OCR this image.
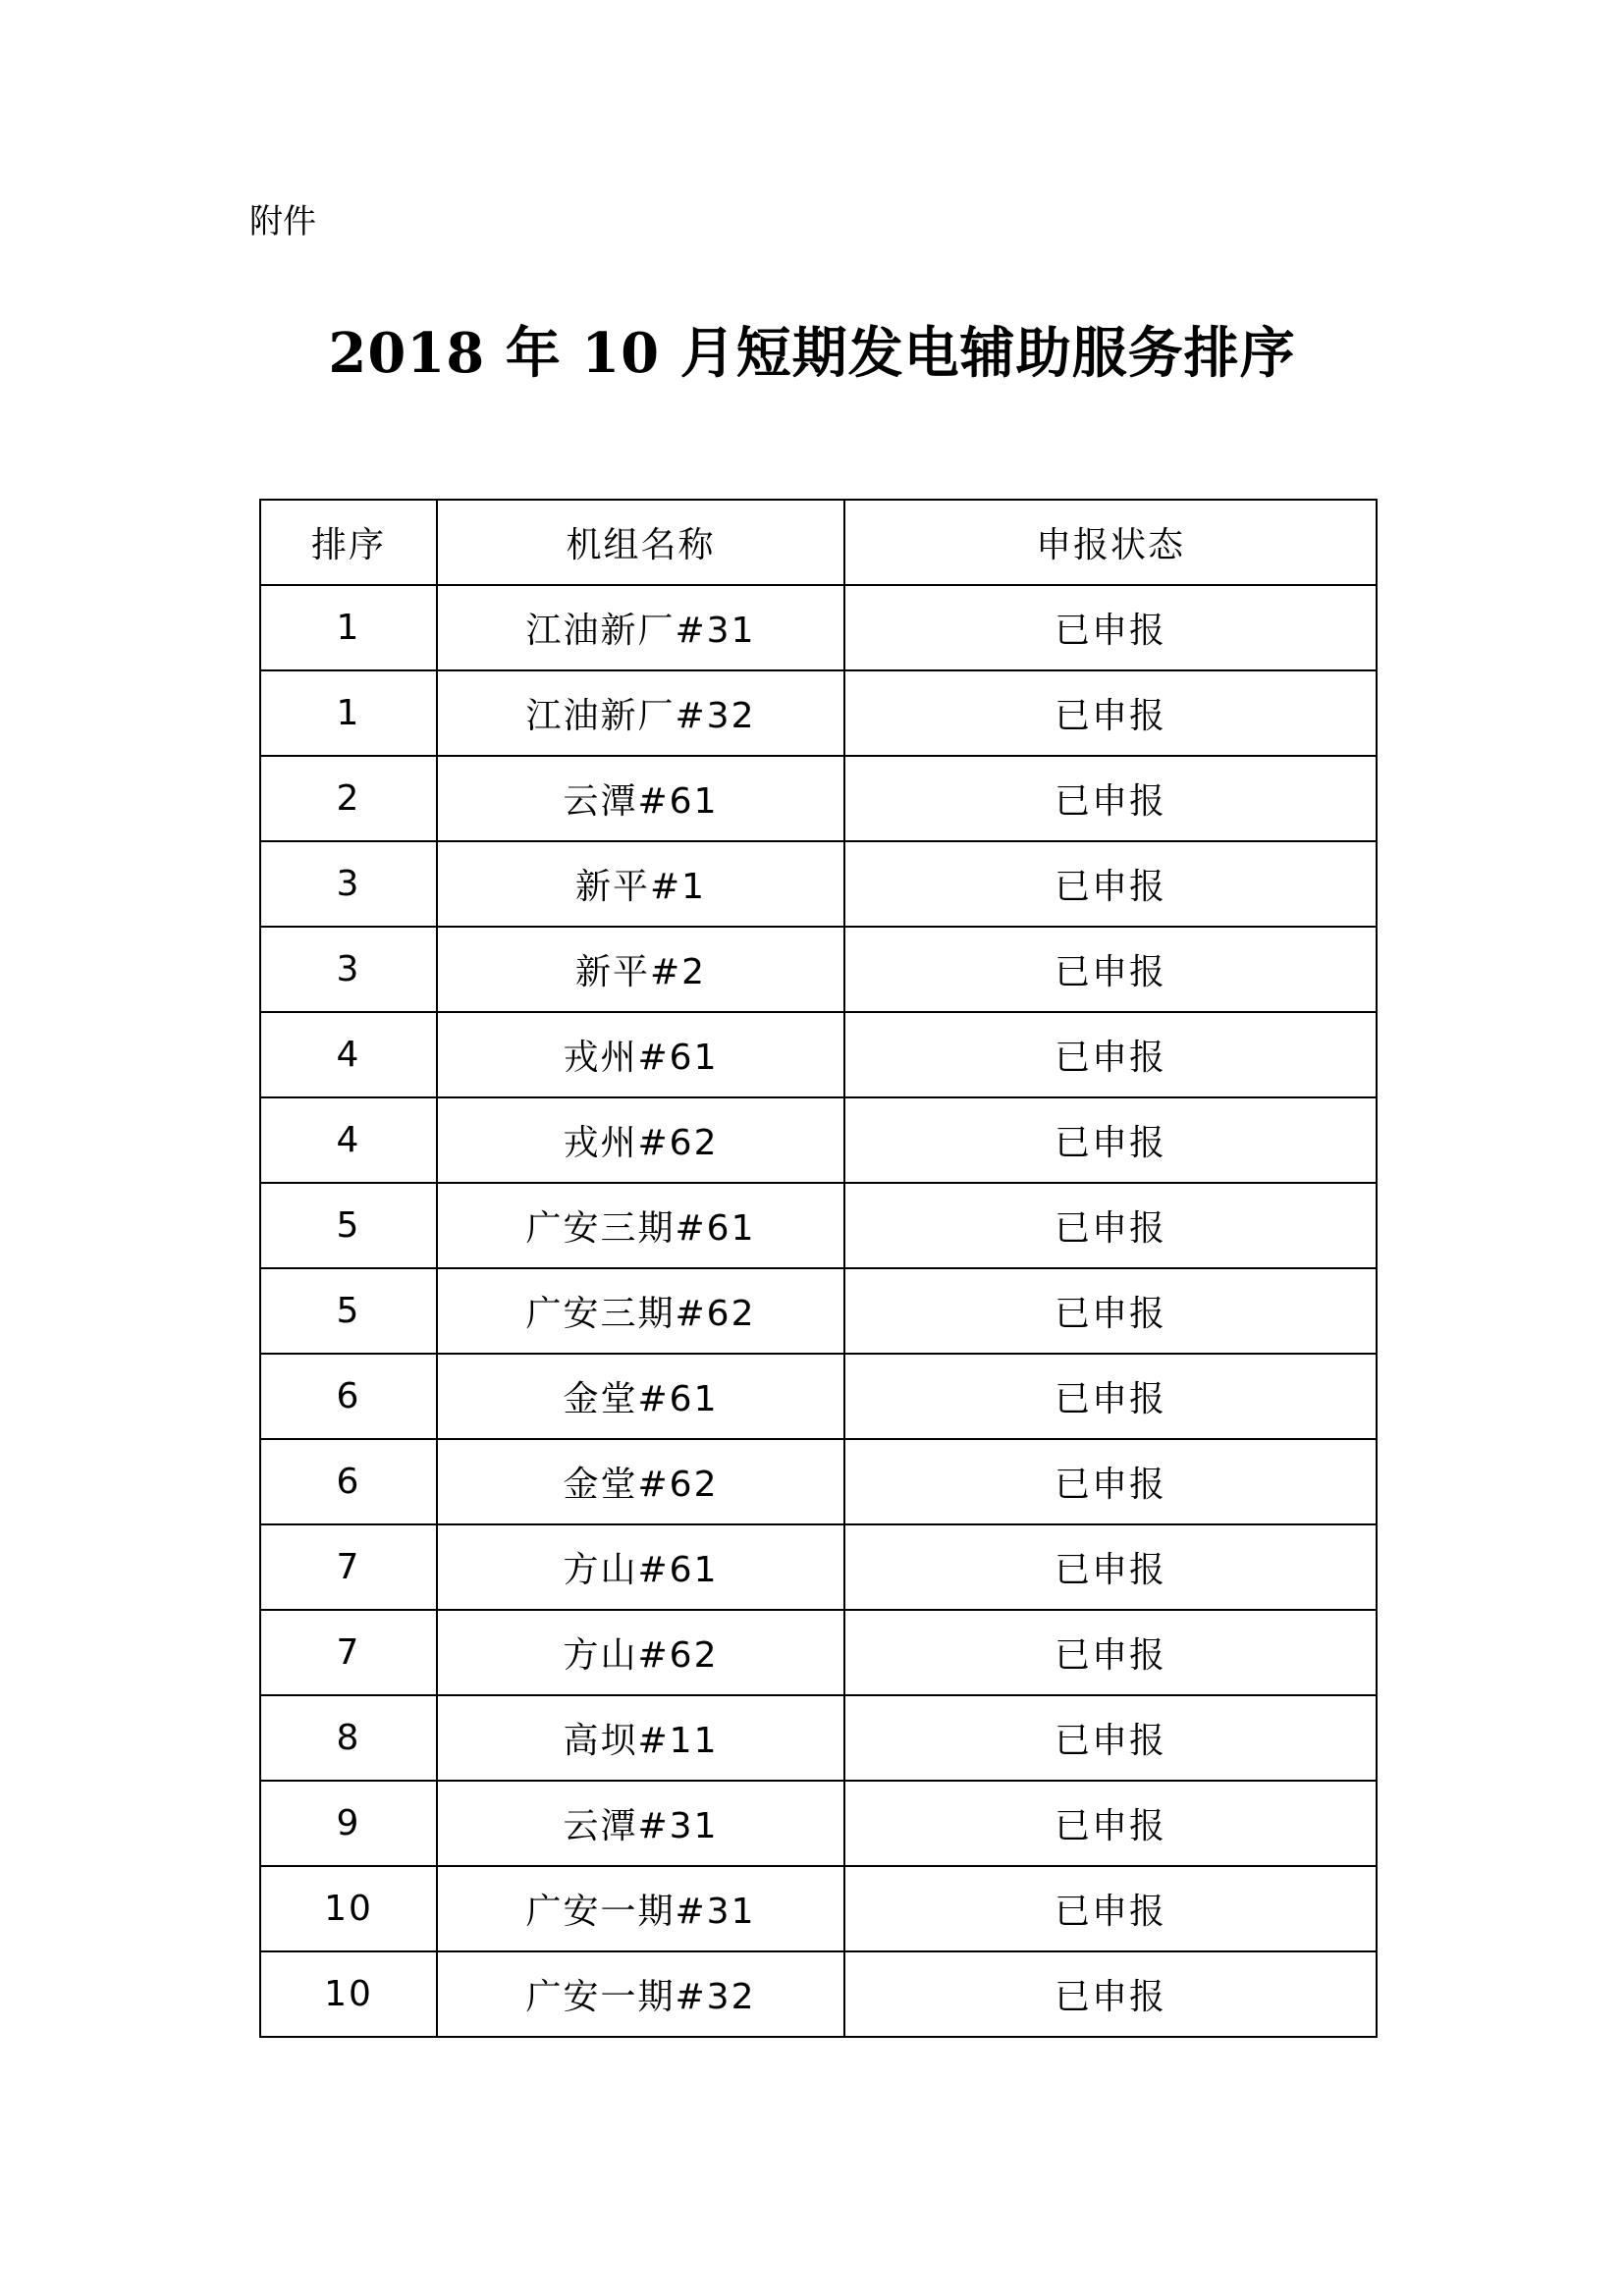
附件
2018 年 10 月短期发电辅助服务排序
排序	机组名称	申报状态
1	江油新厂#31	已申报
1	江油新厂#32	已申报
2	云潭#61	已申报
3	新平#1	已申报
3	新平#2	已申报
4	戎州#61	已申报
4	戎州#62	已申报
5	广安三期#61	已申报
5	广安三期#62	已申报
6	金堂#61	已申报
6	金堂#62	已申报
7	方山#61	已申报
7	方山#62	已申报
8	高坝#11	已申报
9	云潭#31	已申报
10	广安一期#31	已申报
10	广安一期#32	已申报
